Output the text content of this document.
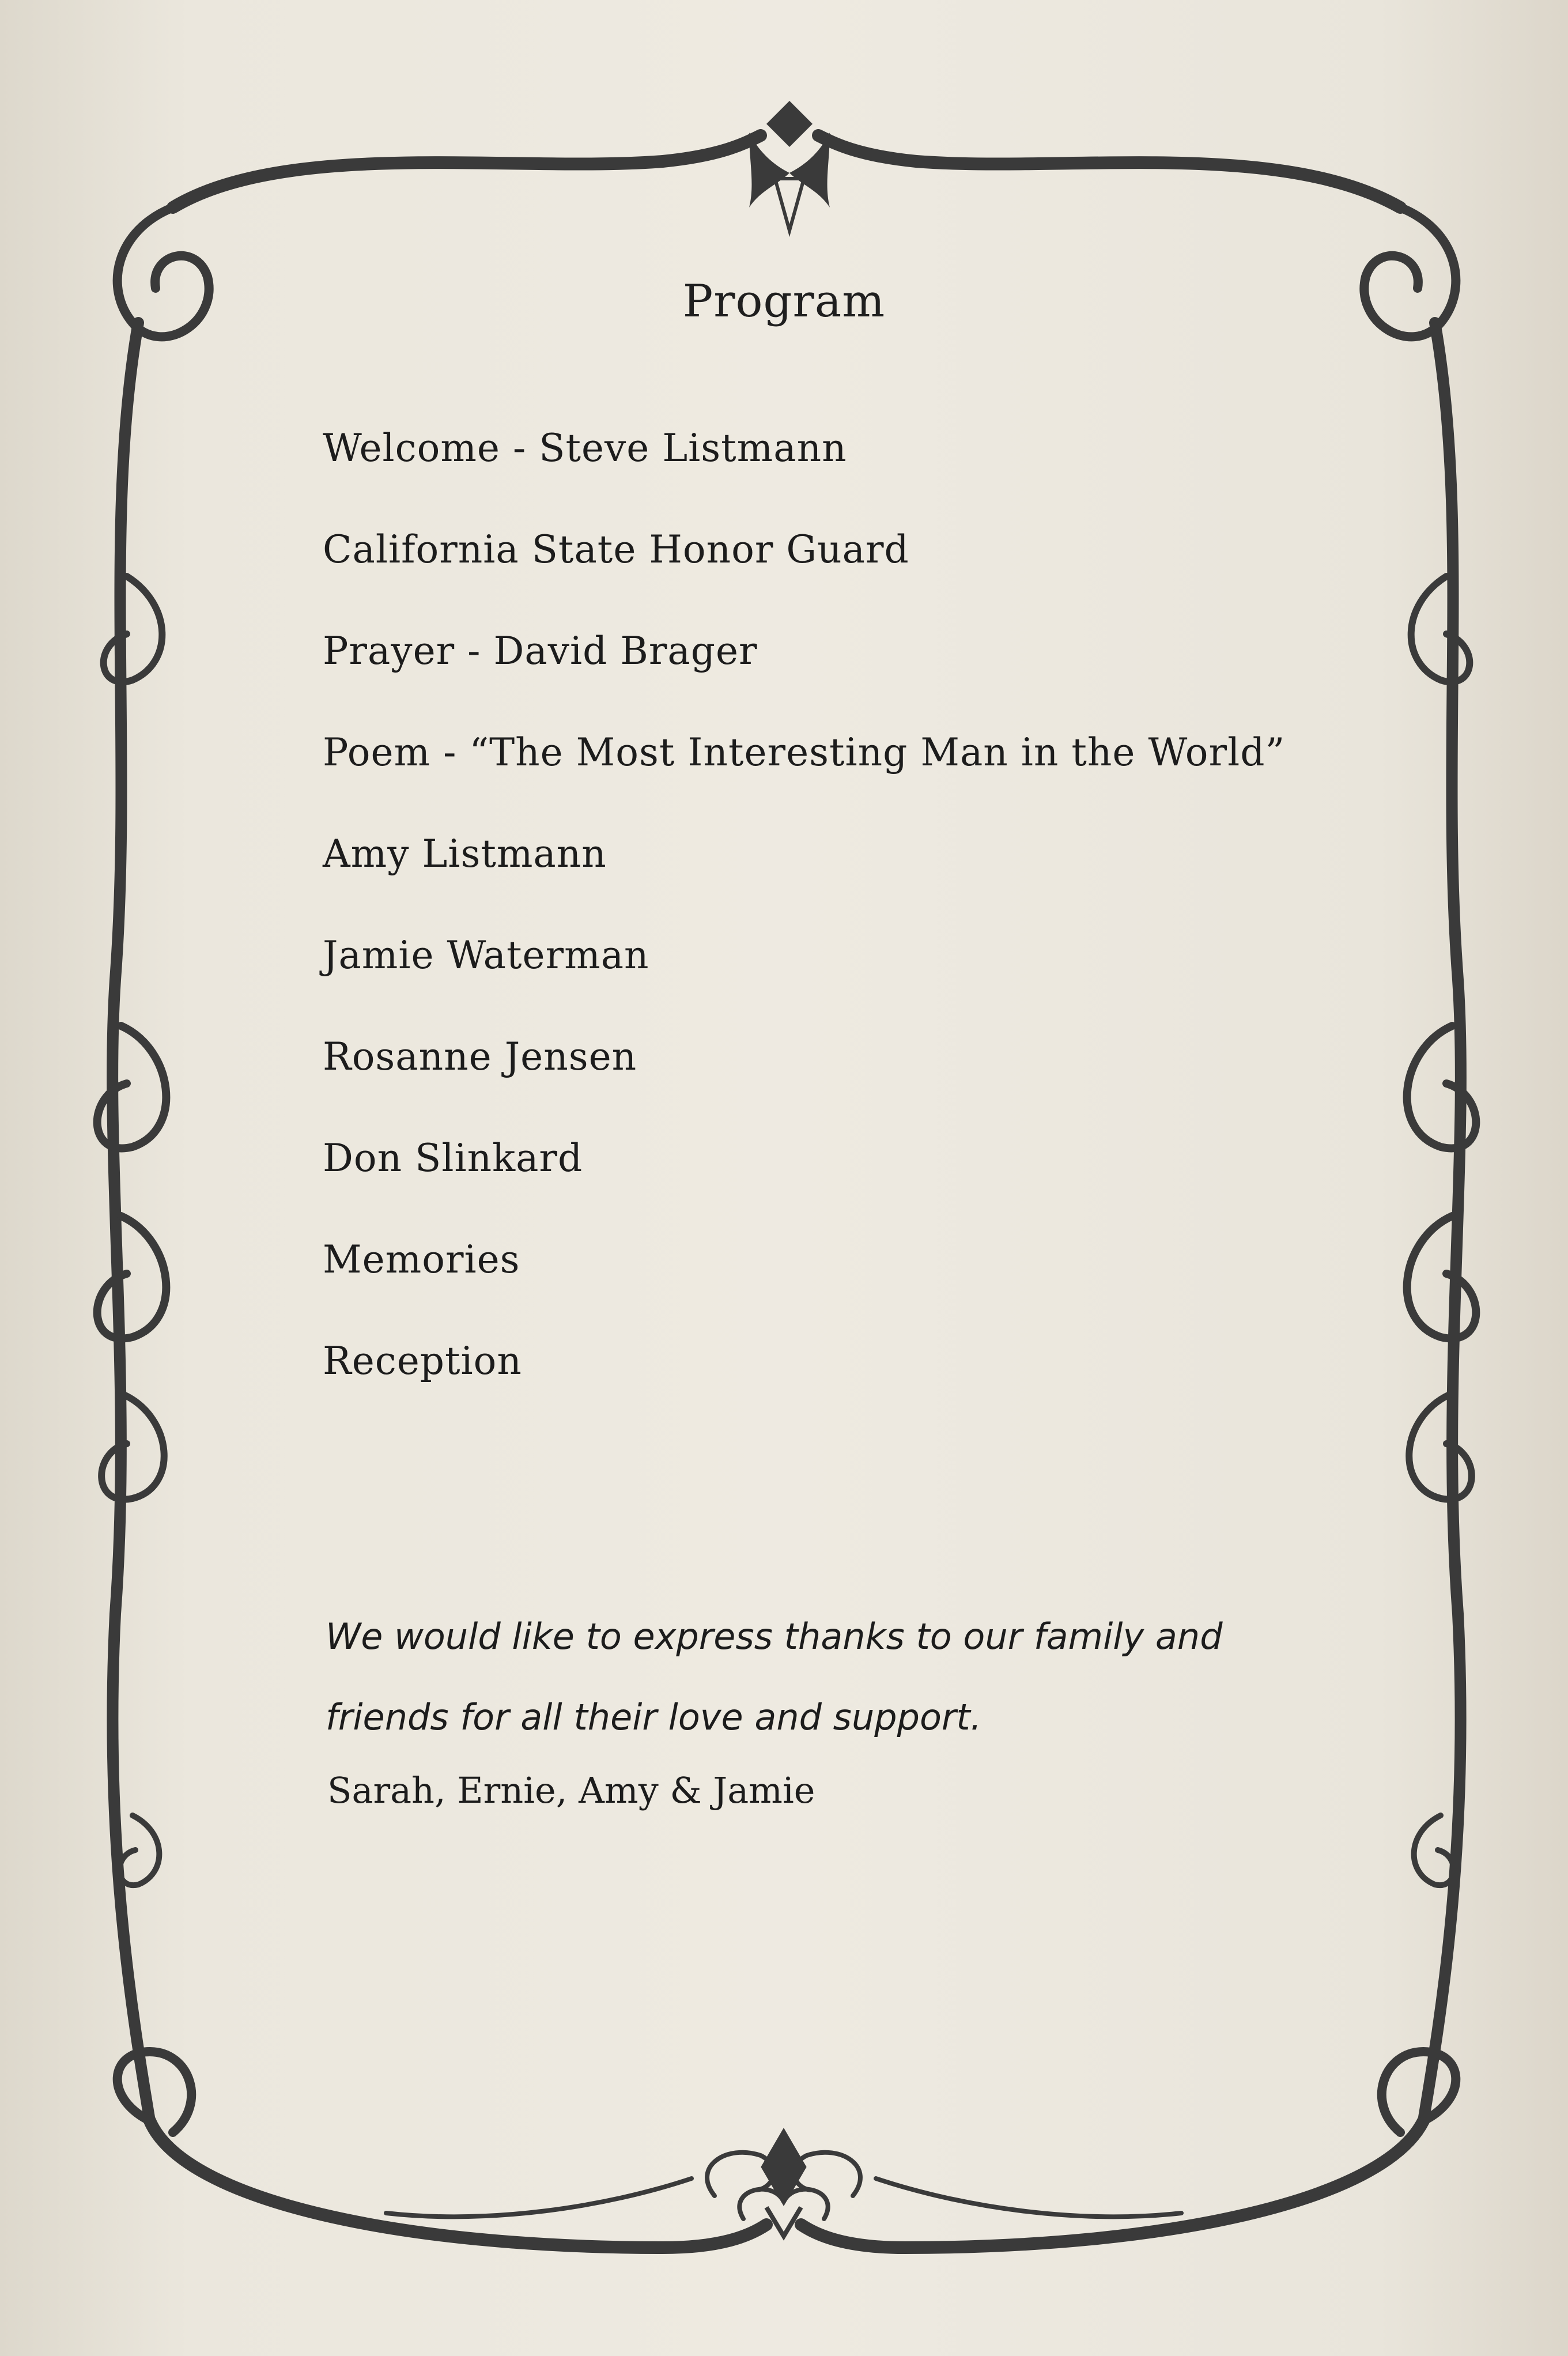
Program
Welcome - Steve Listmann
California State Honor Guard
Prayer - David Brager
Poem - “The Most Interesting Man in the World”
Amy Listmann
Jamie Waterman
Rosanne Jensen
Don Slinkard
Memories
Reception

We would like to express thanks to our family and friends for all their love and support.

Sarah, Ernie, Amy & Jamie
